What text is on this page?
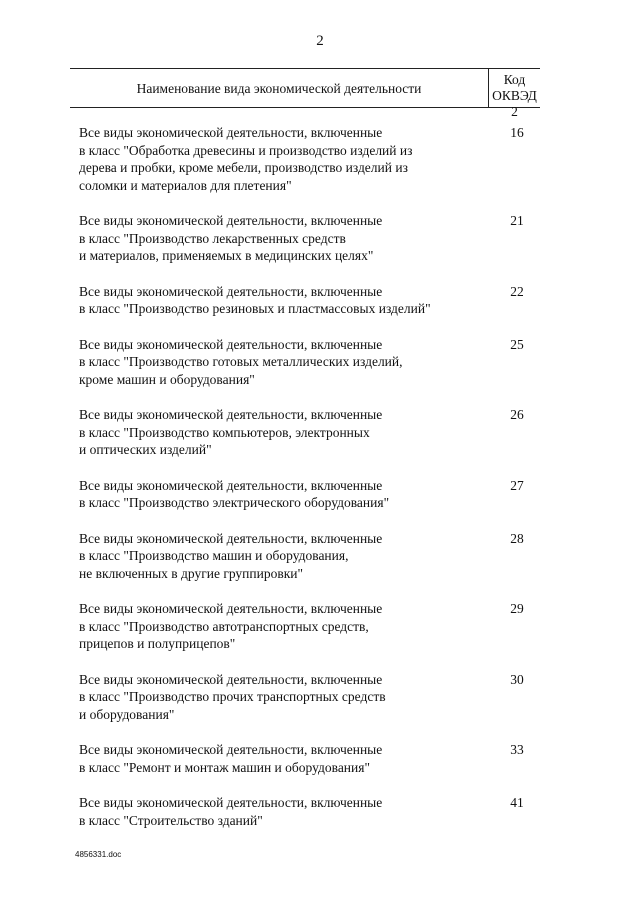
2
Наименование вида экономической деятельности
Код
ОКВЭД 2
Все виды экономической деятельности, включенные
в класс "Обработка древесины и производство изделий из
дерева и пробки, кроме мебели, производство изделий из
соломки и материалов для плетения"
16
Все виды экономической деятельности, включенные
в класс "Производство лекарственных средств
и материалов, применяемых в медицинских целях"
21
Все виды экономической деятельности, включенные
в класс "Производство резиновых и пластмассовых изделий"
22
Все виды экономической деятельности, включенные
в класс "Производство готовых металлических изделий,
кроме машин и оборудования"
25
Все виды экономической деятельности, включенные
в класс "Производство компьютеров, электронных
и оптических изделий"
26
Все виды экономической деятельности, включенные
в класс "Производство электрического оборудования"
27
Все виды экономической деятельности, включенные
в класс "Производство машин и оборудования,
не включенных в другие группировки"
28
Все виды экономической деятельности, включенные
в класс "Производство автотранспортных средств,
прицепов и полуприцепов"
29
Все виды экономической деятельности, включенные
в класс "Производство прочих транспортных средств
и оборудования"
30
Все виды экономической деятельности, включенные
в класс "Ремонт и монтаж машин и оборудования"
33
Все виды экономической деятельности, включенные
в класс "Строительство зданий"
41
4856331.doc
